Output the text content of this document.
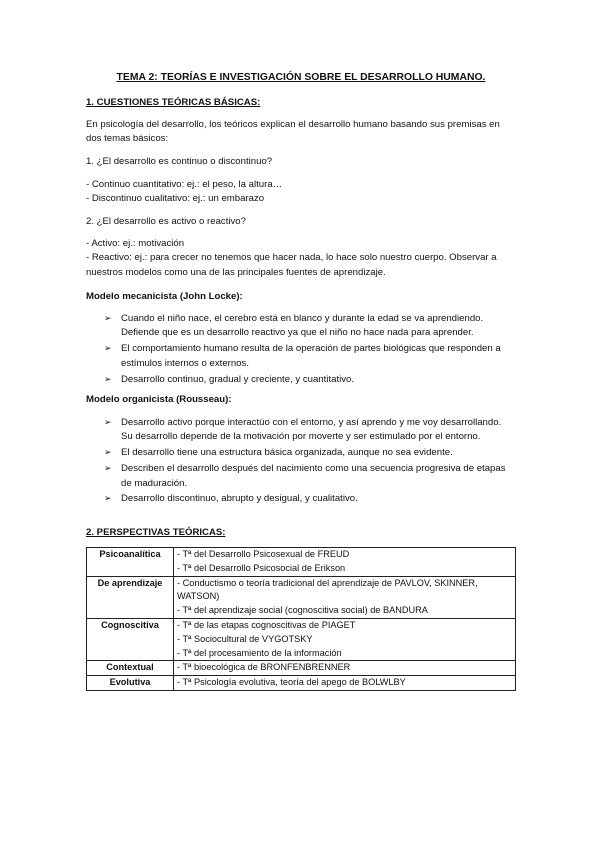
TEMA 2: TEORÍAS E INVESTIGACIÓN SOBRE EL DESARROLLO HUMANO.
1. CUESTIONES TEÓRICAS BÁSICAS:
En psicología del desarrollo, los teóricos explican el desarrollo humano basando sus premisas en dos temas básicos:
1. ¿El desarrollo es continuo o discontinuo?
- Continuo cuantitativo: ej.: el peso, la altura…
- Discontinuo cualitativo: ej.: un embarazo
2. ¿El desarrollo es activo o reactivo?
- Activo: ej.: motivación
- Reactivo: ej.: para crecer no tenemos que hacer nada, lo hace solo nuestro cuerpo. Observar a nuestros modelos como una de las principales fuentes de aprendizaje.
Modelo mecanicista (John Locke):
➢ Cuando el niño nace, el cerebro está en blanco y durante la edad se va aprendiendo. Defiende que es un desarrollo reactivo ya que el niño no hace nada para aprender.
➢ El comportamiento humano resulta de la operación de partes biológicas que responden a estímulos internos o externos.
➢ Desarrollo continuo, gradual y creciente, y cuantitativo.
Modelo organicista (Rousseau):
➢ Desarrollo activo porque interactúo con el entorno, y así aprendo y me voy desarrollando. Su desarrollo depende de la motivación por moverte y ser estimulado por el entorno.
➢ El desarrollo tiene una estructura básica organizada, aunque no sea evidente.
➢ Describen el desarrollo después del nacimiento como una secuencia progresiva de etapas de maduración.
➢ Desarrollo discontinuo, abrupto y desigual, y cualitativo.
2. PERSPECTIVAS TEÓRICAS:
Psicoanalítica	- Tª del Desarrollo Psicosexual de FREUD
- Tª del Desarrollo Psicosocial de Erikson

De aprendizaje	- Conductismo o teoría tradicional del aprendizaje de PAVLOV, SKINNER, WATSON)
- Tª del aprendizaje social (cognoscitiva social) de BANDURA

Cognoscitiva	- Tª de las etapas cognoscitivas de PIAGET
- Tª Sociocultural de VYGOTSKY
- Tª del procesamiento de la información

Contextual	- Tª bioecológica de BRONFENBRENNER

Evolutiva	- Tª Psicología evolutiva, teoría del apego de BOLWLBY
